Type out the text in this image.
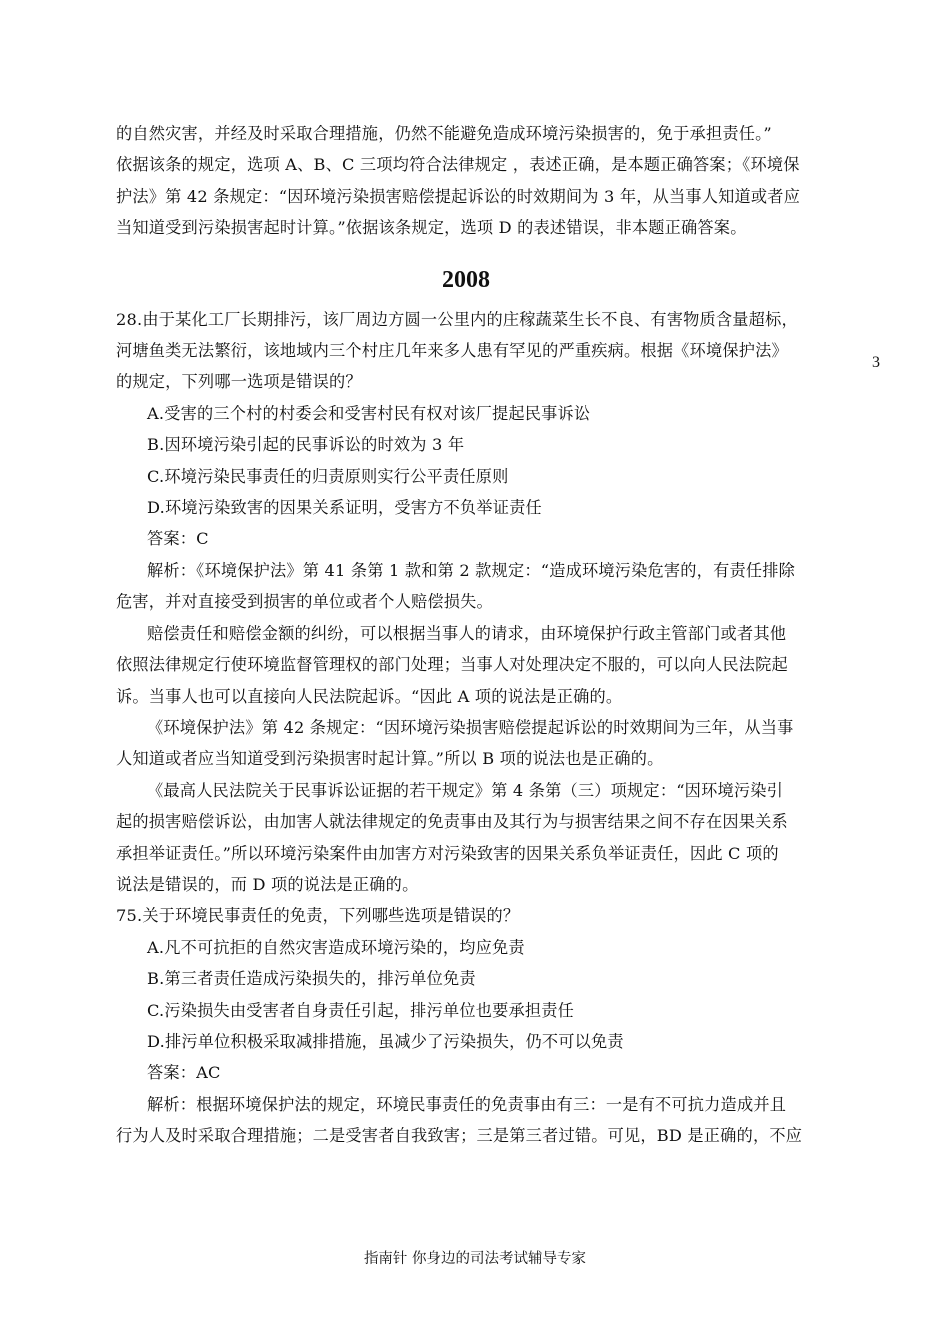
的自然灾害，并经及时采取合理措施，仍然不能避免造成环境污染损害的，免于承担责任。”
依据该条的规定，选项 A、B、C 三项均符合法律规定 ，表述正确，是本题正确答案；《环境保
护法》第 42 条规定：“因环境污染损害赔偿提起诉讼的时效期间为 3 年，从当事人知道或者应
当知道受到污染损害起时计算。”依据该条规定，选项 D 的表述错误，非本题正确答案。
2008
28.由于某化工厂长期排污，该厂周边方圆一公里内的庄稼蔬菜生长不良、有害物质含量超标，
河塘鱼类无法繁衍，该地域内三个村庄几年来多人患有罕见的严重疾病。根据《环境保护法》
的规定，下列哪一选项是错误的？
A.受害的三个村的村委会和受害村民有权对该厂提起民事诉讼
B.因环境污染引起的民事诉讼的时效为 3 年
C.环境污染民事责任的归责原则实行公平责任原则
D.环境污染致害的因果关系证明，受害方不负举证责任
答案：C
解析：《环境保护法》第 41 条第 1 款和第 2 款规定：“造成环境污染危害的，有责任排除
危害，并对直接受到损害的单位或者个人赔偿损失。
赔偿责任和赔偿金额的纠纷，可以根据当事人的请求，由环境保护行政主管部门或者其他
依照法律规定行使环境监督管理权的部门处理；当事人对处理决定不服的，可以向人民法院起
诉。当事人也可以直接向人民法院起诉。“因此 A 项的说法是正确的。
《环境保护法》第 42 条规定：“因环境污染损害赔偿提起诉讼的时效期间为三年，从当事
人知道或者应当知道受到污染损害时起计算。”所以 B 项的说法也是正确的。
《最高人民法院关于民事诉讼证据的若干规定》第 4 条第（三）项规定：“因环境污染引
起的损害赔偿诉讼，由加害人就法律规定的免责事由及其行为与损害结果之间不存在因果关系
承担举证责任。”所以环境污染案件由加害方对污染致害的因果关系负举证责任，因此 C 项的
说法是错误的，而 D 项的说法是正确的。
75.关于环境民事责任的免责，下列哪些选项是错误的？
A.凡不可抗拒的自然灾害造成环境污染的，均应免责
B.第三者责任造成污染损失的，排污单位免责
C.污染损失由受害者自身责任引起，排污单位也要承担责任
D.排污单位积极采取减排措施，虽减少了污染损失，仍不可以免责
答案：AC
解析：根据环境保护法的规定，环境民事责任的免责事由有三：一是有不可抗力造成并且
行为人及时采取合理措施；二是受害者自我致害；三是第三者过错。可见，BD 是正确的，不应
3
指南针 你身边的司法考试辅导专家
